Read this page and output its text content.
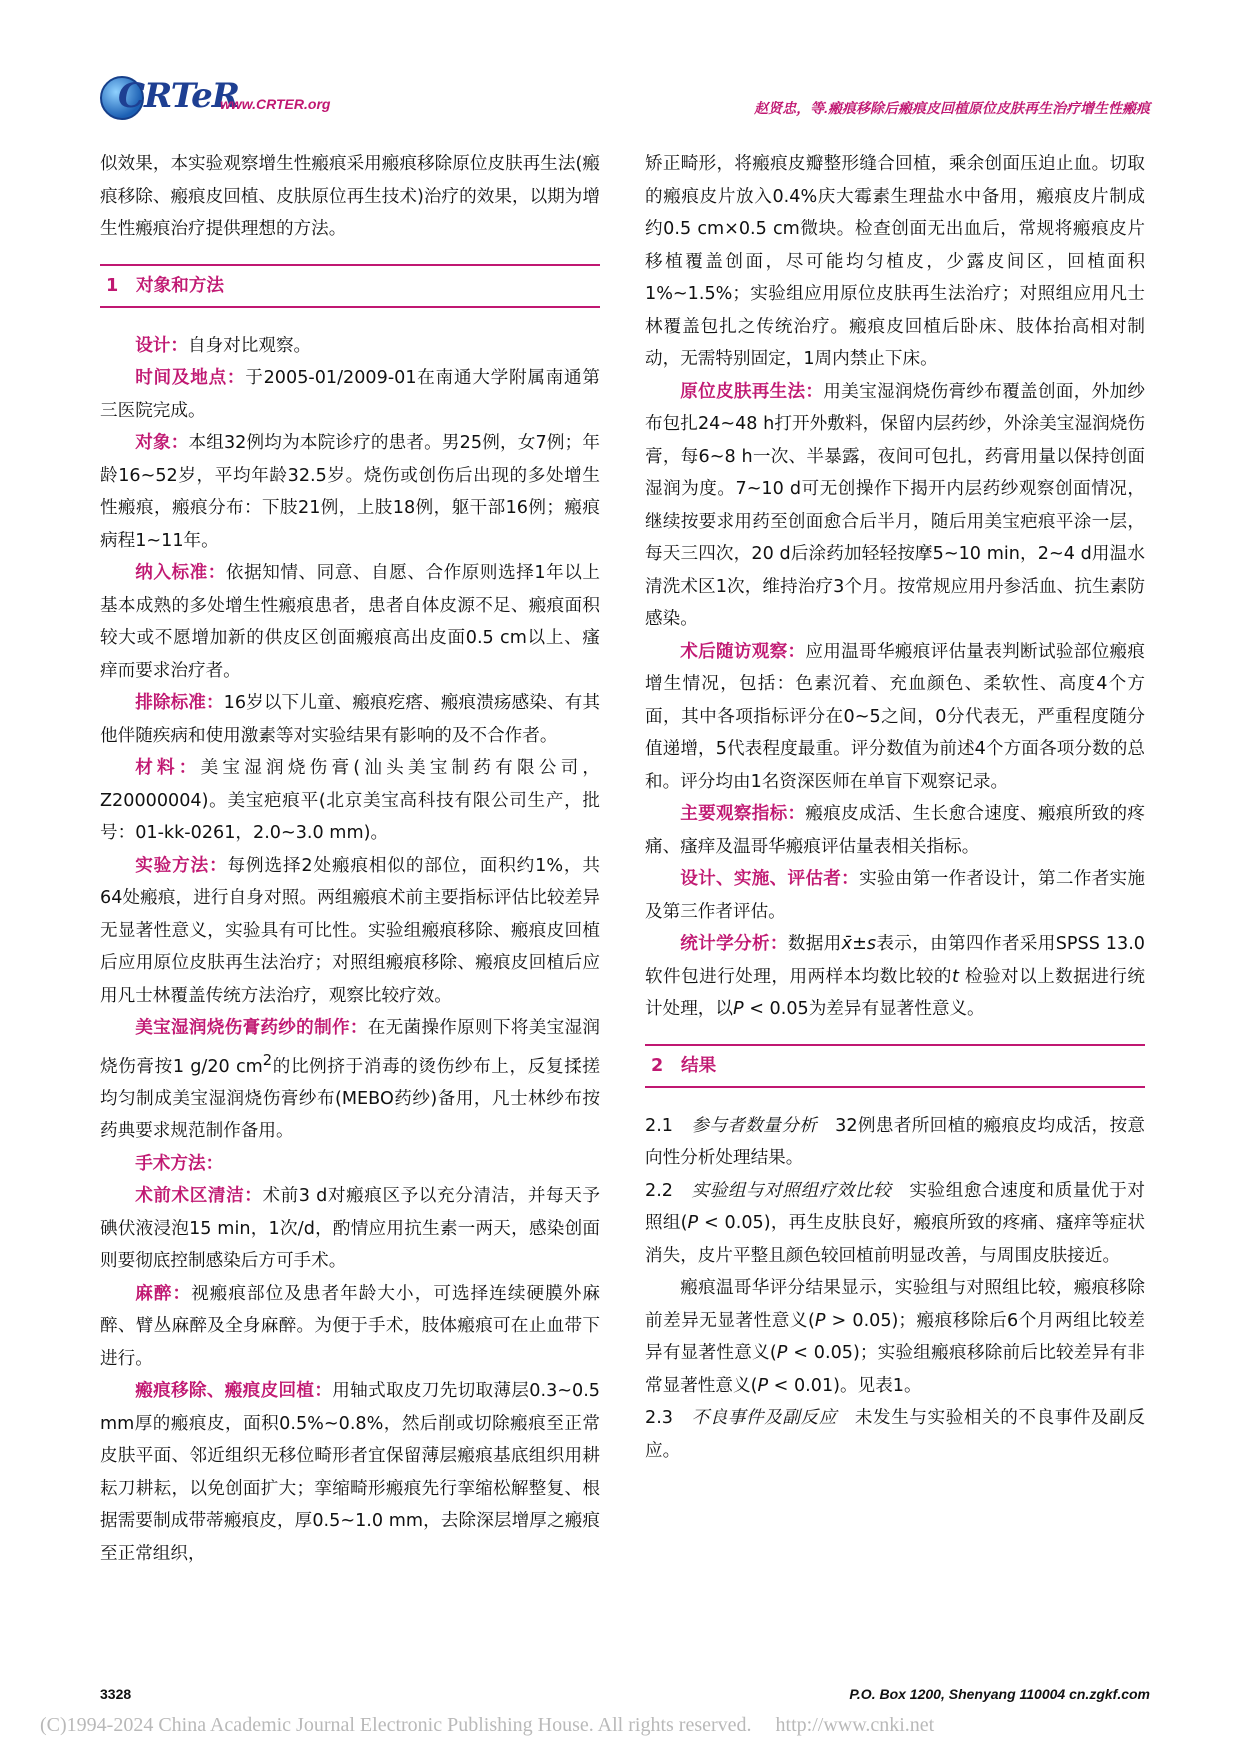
CRTeR
www.CRTER.org	赵贤忠，等.瘢痕移除后瘢痕皮回植原位皮肤再生治疗增生性瘢痕

似效果，本实验观察增生性瘢痕采用瘢痕移除原位皮肤再生法(瘢痕移除、瘢痕皮回植、皮肤原位再生技术)治疗的效果，以期为增生性瘢痕治疗提供理想的方法。

1 对象和方法

设计：自身对比观察。

时间及地点：于2005-01/2009-01在南通大学附属南通第三医院完成。

对象：本组32例均为本院诊疗的患者。男25例，女7例；年龄16~52岁，平均年龄32.5岁。烧伤或创伤后出现的多处增生性瘢痕，瘢痕分布：下肢21例，上肢18例，躯干部16例；瘢痕病程1~11年。

纳入标准：依据知情、同意、自愿、合作原则选择1年以上基本成熟的多处增生性瘢痕患者，患者自体皮源不足、瘢痕面积较大或不愿增加新的供皮区创面瘢痕高出皮面0.5 cm以上、瘙痒而要求治疗者。

排除标准：16岁以下儿童、瘢痕疙瘩、瘢痕溃疡感染、有其他伴随疾病和使用激素等对实验结果有影响的及不合作者。

材料：美宝湿润烧伤膏(汕头美宝制药有限公司，Z20000004)。美宝疤痕平(北京美宝高科技有限公司生产，批号：01-kk-0261，2.0~3.0 mm)。

实验方法：每例选择2处瘢痕相似的部位，面积约1%，共64处瘢痕，进行自身对照。两组瘢痕术前主要指标评估比较差异无显著性意义，实验具有可比性。实验组瘢痕移除、瘢痕皮回植后应用原位皮肤再生法治疗；对照组瘢痕移除、瘢痕皮回植后应用凡士林覆盖传统方法治疗，观察比较疗效。

美宝湿润烧伤膏药纱的制作：在无菌操作原则下将美宝湿润烧伤膏按1 g/20 $cm^2$的比例挤于消毒的烫伤纱布上，反复揉搓均匀制成美宝湿润烧伤膏纱布(MEBO药纱)备用，凡士林纱布按药典要求规范制作备用。

手术方法：

术前术区清洁：术前3 d对瘢痕区予以充分清洁，并每天予碘伏液浸泡15 min，1次/d，酌情应用抗生素一两天，感染创面则要彻底控制感染后方可手术。

麻醉：视瘢痕部位及患者年龄大小，可选择连续硬膜外麻醉、臂丛麻醉及全身麻醉。为便于手术，肢体瘢痕可在止血带下进行。

瘢痕移除、瘢痕皮回植：用轴式取皮刀先切取薄层0.3~0.5 mm厚的瘢痕皮，面积0.5%~0.8%，然后削或切除瘢痕至正常皮肤平面、邻近组织无移位畸形者宜保留薄层瘢痕基底组织用耕耘刀耕耘，以免创面扩大；挛缩畸形瘢痕先行挛缩松解整复、根据需要制成带蒂瘢痕皮，厚0.5~1.0 mm，去除深层增厚之瘢痕至正常组织，

矫正畸形，将瘢痕皮瓣整形缝合回植，乘余创面压迫止血。切取的瘢痕皮片放入0.4%庆大霉素生理盐水中备用，瘢痕皮片制成约0.5 cm×0.5 cm微块。检查创面无出血后，常规将瘢痕皮片移植覆盖创面，尽可能均匀植皮，少露皮间区，回植面积1%~1.5%；实验组应用原位皮肤再生法治疗；对照组应用凡士林覆盖包扎之传统治疗。瘢痕皮回植后卧床、肢体抬高相对制动，无需特别固定，1周内禁止下床。

原位皮肤再生法：用美宝湿润烧伤膏纱布覆盖创面，外加纱布包扎24~48 h打开外敷料，保留内层药纱，外涂美宝湿润烧伤膏，每6~8 h一次、半暴露，夜间可包扎，药膏用量以保持创面湿润为度。7~10 d可无创操作下揭开内层药纱观察创面情况，继续按要求用药至创面愈合后半月，随后用美宝疤痕平涂一层，每天三四次，20 d后涂药加轻轻按摩5~10 min，2~4 d用温水清洗术区1次，维持治疗3个月。按常规应用丹参活血、抗生素防感染。

术后随访观察：应用温哥华瘢痕评估量表判断试验部位瘢痕增生情况，包括：色素沉着、充血颜色、柔软性、高度4个方面，其中各项指标评分在0~5之间，0分代表无，严重程度随分值递增，5代表程度最重。评分数值为前述4个方面各项分数的总和。评分均由1名资深医师在单盲下观察记录。

主要观察指标：瘢痕皮成活、生长愈合速度、瘢痕所致的疼痛、瘙痒及温哥华瘢痕评估量表相关指标。

设计、实施、评估者：实验由第一作者设计，第二作者实施及第三作者评估。

统计学分析：数据用x̄±s表示，由第四作者采用SPSS 13.0软件包进行处理，用两样本均数比较的t 检验对以上数据进行统计处理，以P < 0.05为差异有显著性意义。

2 结果

2.1 参与者数量分析 32例患者所回植的瘢痕皮均成活，按意向性分析处理结果。

2.2 实验组与对照组疗效比较 实验组愈合速度和质量优于对照组(P < 0.05)，再生皮肤良好，瘢痕所致的疼痛、瘙痒等症状消失，皮片平整且颜色较回植前明显改善，与周围皮肤接近。

瘢痕温哥华评分结果显示，实验组与对照组比较，瘢痕移除前差异无显著性意义(P > 0.05)；瘢痕移除后6个月两组比较差异有显著性意义(P < 0.05)；实验组瘢痕移除前后比较差异有非常显著性意义(P < 0.01)。见表1。

2.3 不良事件及副反应 未发生与实验相关的不良事件及副反应。

3328	P.O. Box 1200, Shenyang 110004 cn.zgkf.com
(C)1994-2024 China Academic Journal Electronic Publishing House. All rights reserved. http://www.cnki.net
